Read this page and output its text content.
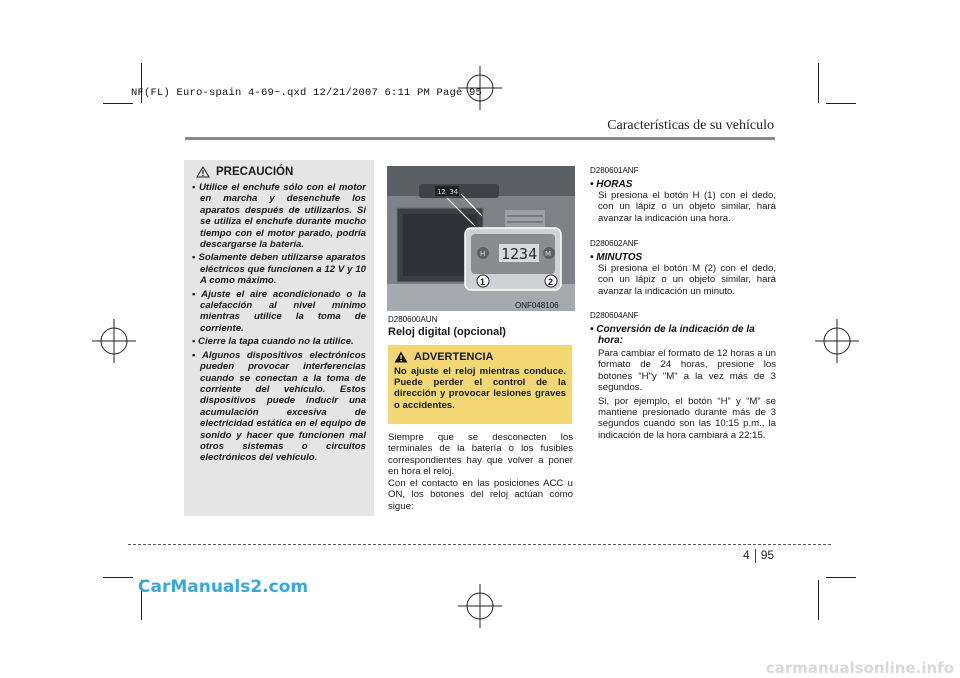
NF(FL) Euro-spain 4-69~.qxd 12/21/2007 6:11 PM Page 95
Características de su vehículo
PRECAUCIÓN
• Utilice el enchufe sólo con el motor en marcha y desenchufe los aparatos después de utilizarlos. Si se utiliza el enchufe durante mucho tiempo con el motor parado, podría descargarse la batería.
• Solamente deben utilizarse aparatos eléctricos que funcionen a 12 V y 10 A como máximo.
• Ajuste el aire acondicionado o la calefacción al nivel mínimo mientras utilice la toma de corriente.
• Cierre la tapa cuando no la utilice.
• Algunos dispositivos electrónicos pueden provocar interferencias cuando se conectan a la toma de corriente del vehículo. Estos dispositivos puede inducir una acumulación excesiva de electricidad estática en el equipo de sonido y hacer que funcionen mal otros sistemas o circuitos electrónicos del vehículo.
12 34
1234
H	M
1	2
ONF048106
D280600AUN
Reloj digital (opcional)
ADVERTENCIA
No ajuste el reloj mientras conduce. Puede perder el control de la dirección y provocar lesiones graves o accidentes.
Siempre que se desconecten los terminales de la batería o los fusibles correspondientes hay que volver a poner en hora el reloj.
Con el contacto en las posiciones ACC u ON, los botones del reloj actúan como sigue:
D280601ANF
• HORAS
Si presiona el botón H (1) con el dedo, con un lápiz o un objeto similar, hará avanzar la indicación una hora.
D280602ANF
• MINUTOS
Si presiona el botón M (2) con el dedo, con un lápiz o un objeto similar, hará avanzar la indicación un minuto.
D280604ANF
• Conversión de la indicación de la hora:
Para cambiar el formato de 12 horas a un formato de 24 horas, presione los botones "H"y "M" a la vez más de 3 segundos.
Si, por ejemplo, el botón “H” y “M” se mantiene presionado durante más de 3 segundos cuando son las 10:15 p.m., la indicación de la hora cambiará a 22:15.
4 95
CarManuals2.com
carmanualsonline.info
